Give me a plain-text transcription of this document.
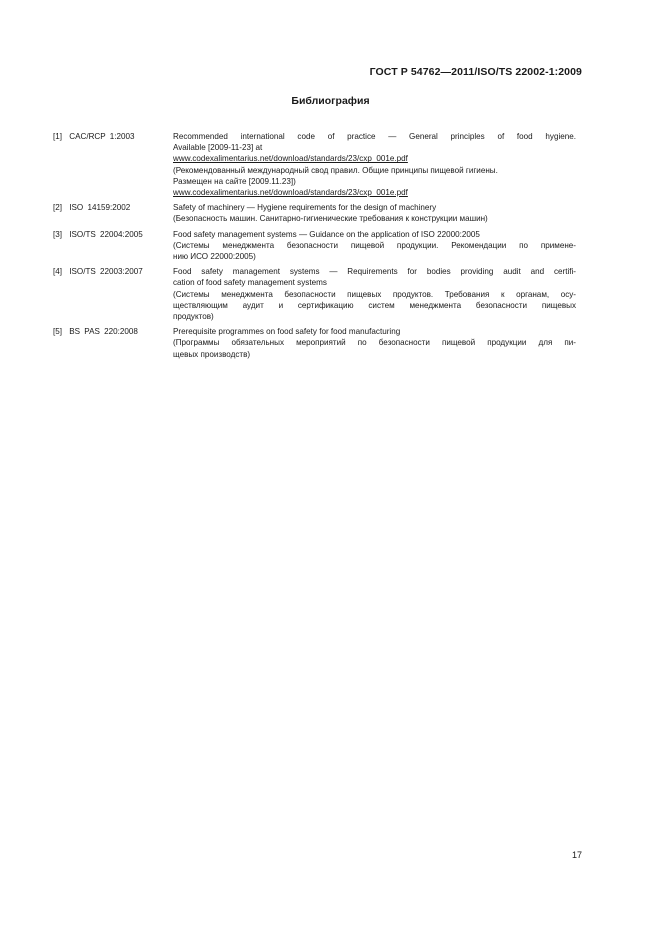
ГОСТ Р 54762—2011/ISO/TS 22002-1:2009
Библиография
[1] CAC/RCP 1:2003	Recommended international code of practice — General principles of food hygiene.
Available [2009-11-23] at
www.codexalimentarius.net/download/standards/23/cxp_001e.pdf
(Рекомендованный международный свод правил. Общие принципы пищевой гигиены.
Размещен на сайте [2009.11.23])
www.codexalimentarius.net/download/standards/23/cxp_001e.pdf
[2] ISO 14159:2002	Safety of machinery — Hygiene requirements for the design of machinery
(Безопасность машин. Санитарно-гигиенические требования к конструкции машин)
[3] ISO/TS 22004:2005	Food safety management systems — Guidance on the application of ISO 22000:2005
(Системы менеджмента безопасности пищевой продукции. Рекомендации по примене-
нию ИСО 22000:2005)
[4] ISO/TS 22003:2007	Food safety management systems — Requirements for bodies providing audit and certifi-
cation of food safety management systems
(Системы менеджмента безопасности пищевых продуктов. Требования к органам, осу-
ществляющим аудит и сертификацию систем менеджмента безопасности пищевых
продуктов)
[5] BS PAS 220:2008	Prerequisite programmes on food safety for food manufacturing
(Программы обязательных мероприятий по безопасности пищевой продукции для пи-
щевых производств)
17
